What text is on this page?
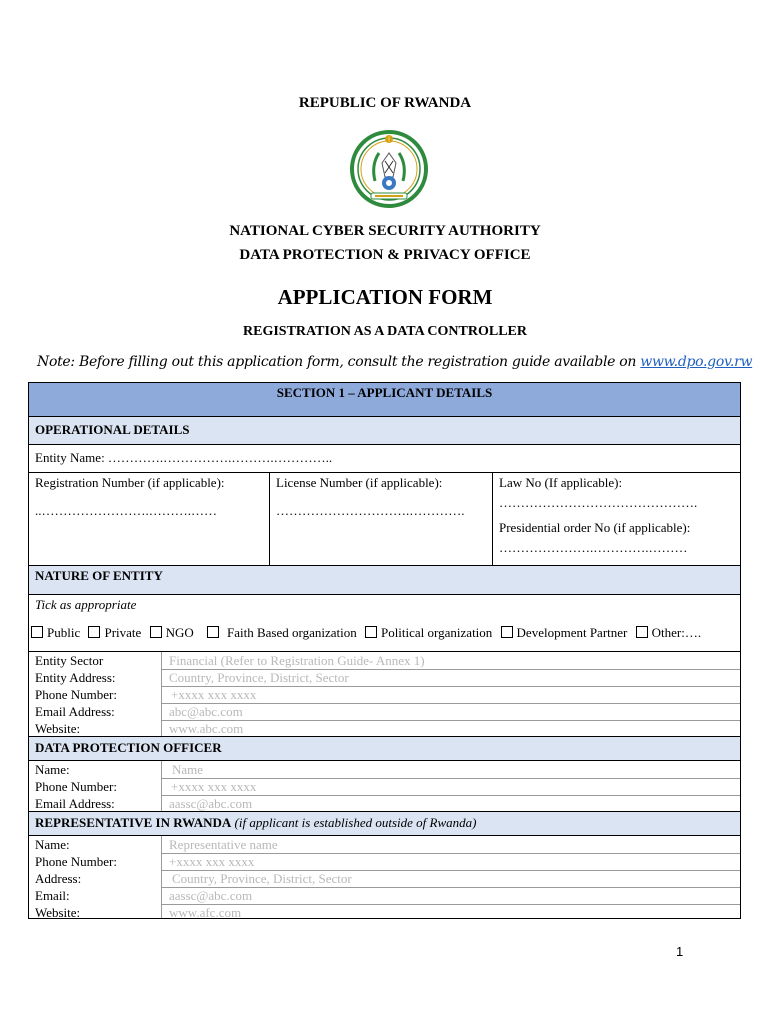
REPUBLIC OF RWANDA
NATIONAL CYBER SECURITY AUTHORITY
DATA PROTECTION & PRIVACY OFFICE
APPLICATION FORM
REGISTRATION AS A DATA CONTROLLER
Note: Before filling out this application form, consult the registration guide available on www.dpo.gov.rw
SECTION 1 – APPLICANT DETAILS
OPERATIONAL DETAILS
Entity Name: ………….…………….……….…………..
Registration Number (if applicable):
..…………………….……….……
License Number (if applicable):
………………………….………….
Law No (If applicable):
……………………………………….
Presidential order No (if applicable):
………………….………….………
NATURE OF ENTITY
Tick as appropriate
Public Private NGO	Faith Based organization Political organization Development Partner Other:….
Entity Sector	Financial (Refer to Registration Guide- Annex 1)
Entity Address:	Country, Province, District, Sector
Phone Number:	+xxxx xxx xxxx
Email Address:	abc@abc.com
Website:	www.abc.com
DATA PROTECTION OFFICER
Name:	Name
Phone Number:	+xxxx xxx xxxx
Email Address:	aassc@abc.com
REPRESENTATIVE IN RWANDA (if applicant is established outside of Rwanda)
Name:	Representative name
Phone Number:	+xxxx xxx xxxx
Address:	Country, Province, District, Sector
Email:	aassc@abc.com
Website:	www.afc.com
1
